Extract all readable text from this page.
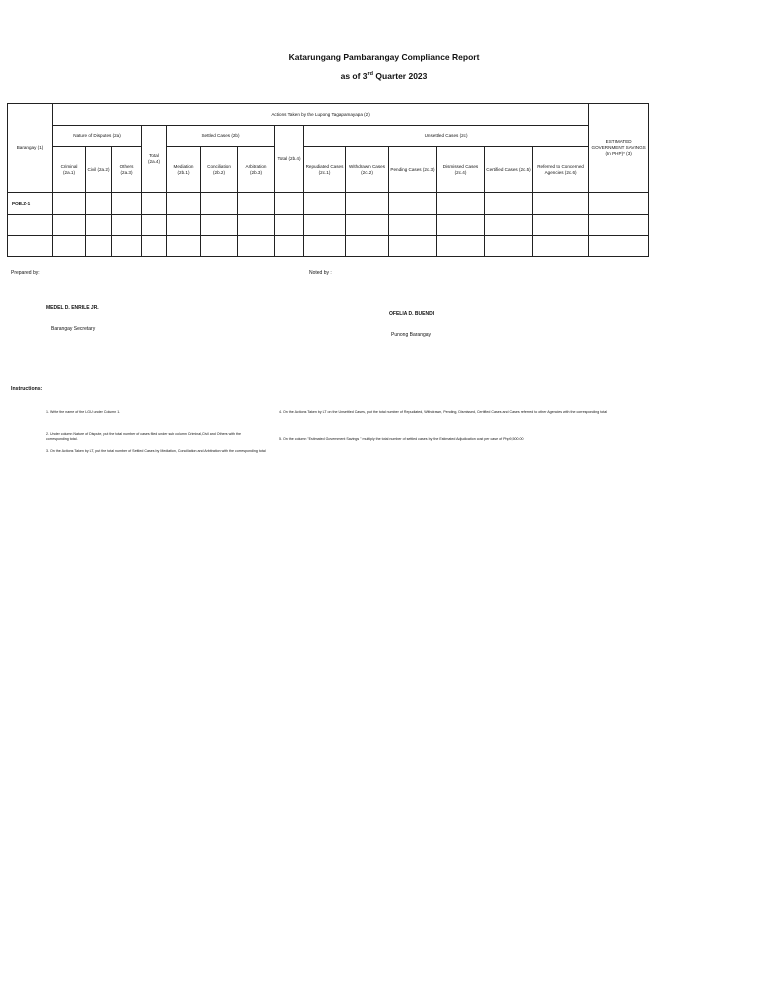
Katarungang Pambarangay Compliance Report
as of 3rd Quarter 2023
Barangay (1)	Actions Taken by the Lupong Tagapamayapa (2)														ESTIMATED GOVERNMENT SAVINGS (In PHP)* (3)
	Nature of Disputes (2a)			Total (2a.4)	Settled Cases (2b)			Total (2b.4)	Unsettled Cases (2c)						
	Criminal (2a.1)	Civil (2a.2)	Others (2a.3)		Mediation (2b.1)	Conciliation (2b.2)	Arbitration (2b.3)		Repudiated Cases (2c.1)	Withdrawn Cases (2c.2)	Pending Cases (2c.3)	Dismissed Cases (2c.4)	Certified Cases (2c.5)	Referred to Concerned Agencies (2c.6)	
POB.Z-1															

Prepared by:	Noted by :
MEDEL D. ENRILE JR.
Barangay Secretary
OFELIA D. BUENDI
Punong Barangay
Instructions:
1. Write the name of the LGU under Column 1.
2. Under column Nature of Dispute, put the total number of cases filed under sub column Criminal,Civil and Others with the corresponding total.
3. On the Actions Taken by LT, put the total number of Settled Cases by Mediation, Conciliation and Arbitration with the corresponding total
4. On the Actions Taken by LT on the Unsettled Cases, put the total number of Repudiated, Withdrawn, Pending, Dismissed, Certified Cases and Cases referred to other Agencies with the corresponding total
5. On the column "Estimated Government Savings " multiply the total number of settled cases by the Estimated Adjudication cost per case of Php9,500.00
